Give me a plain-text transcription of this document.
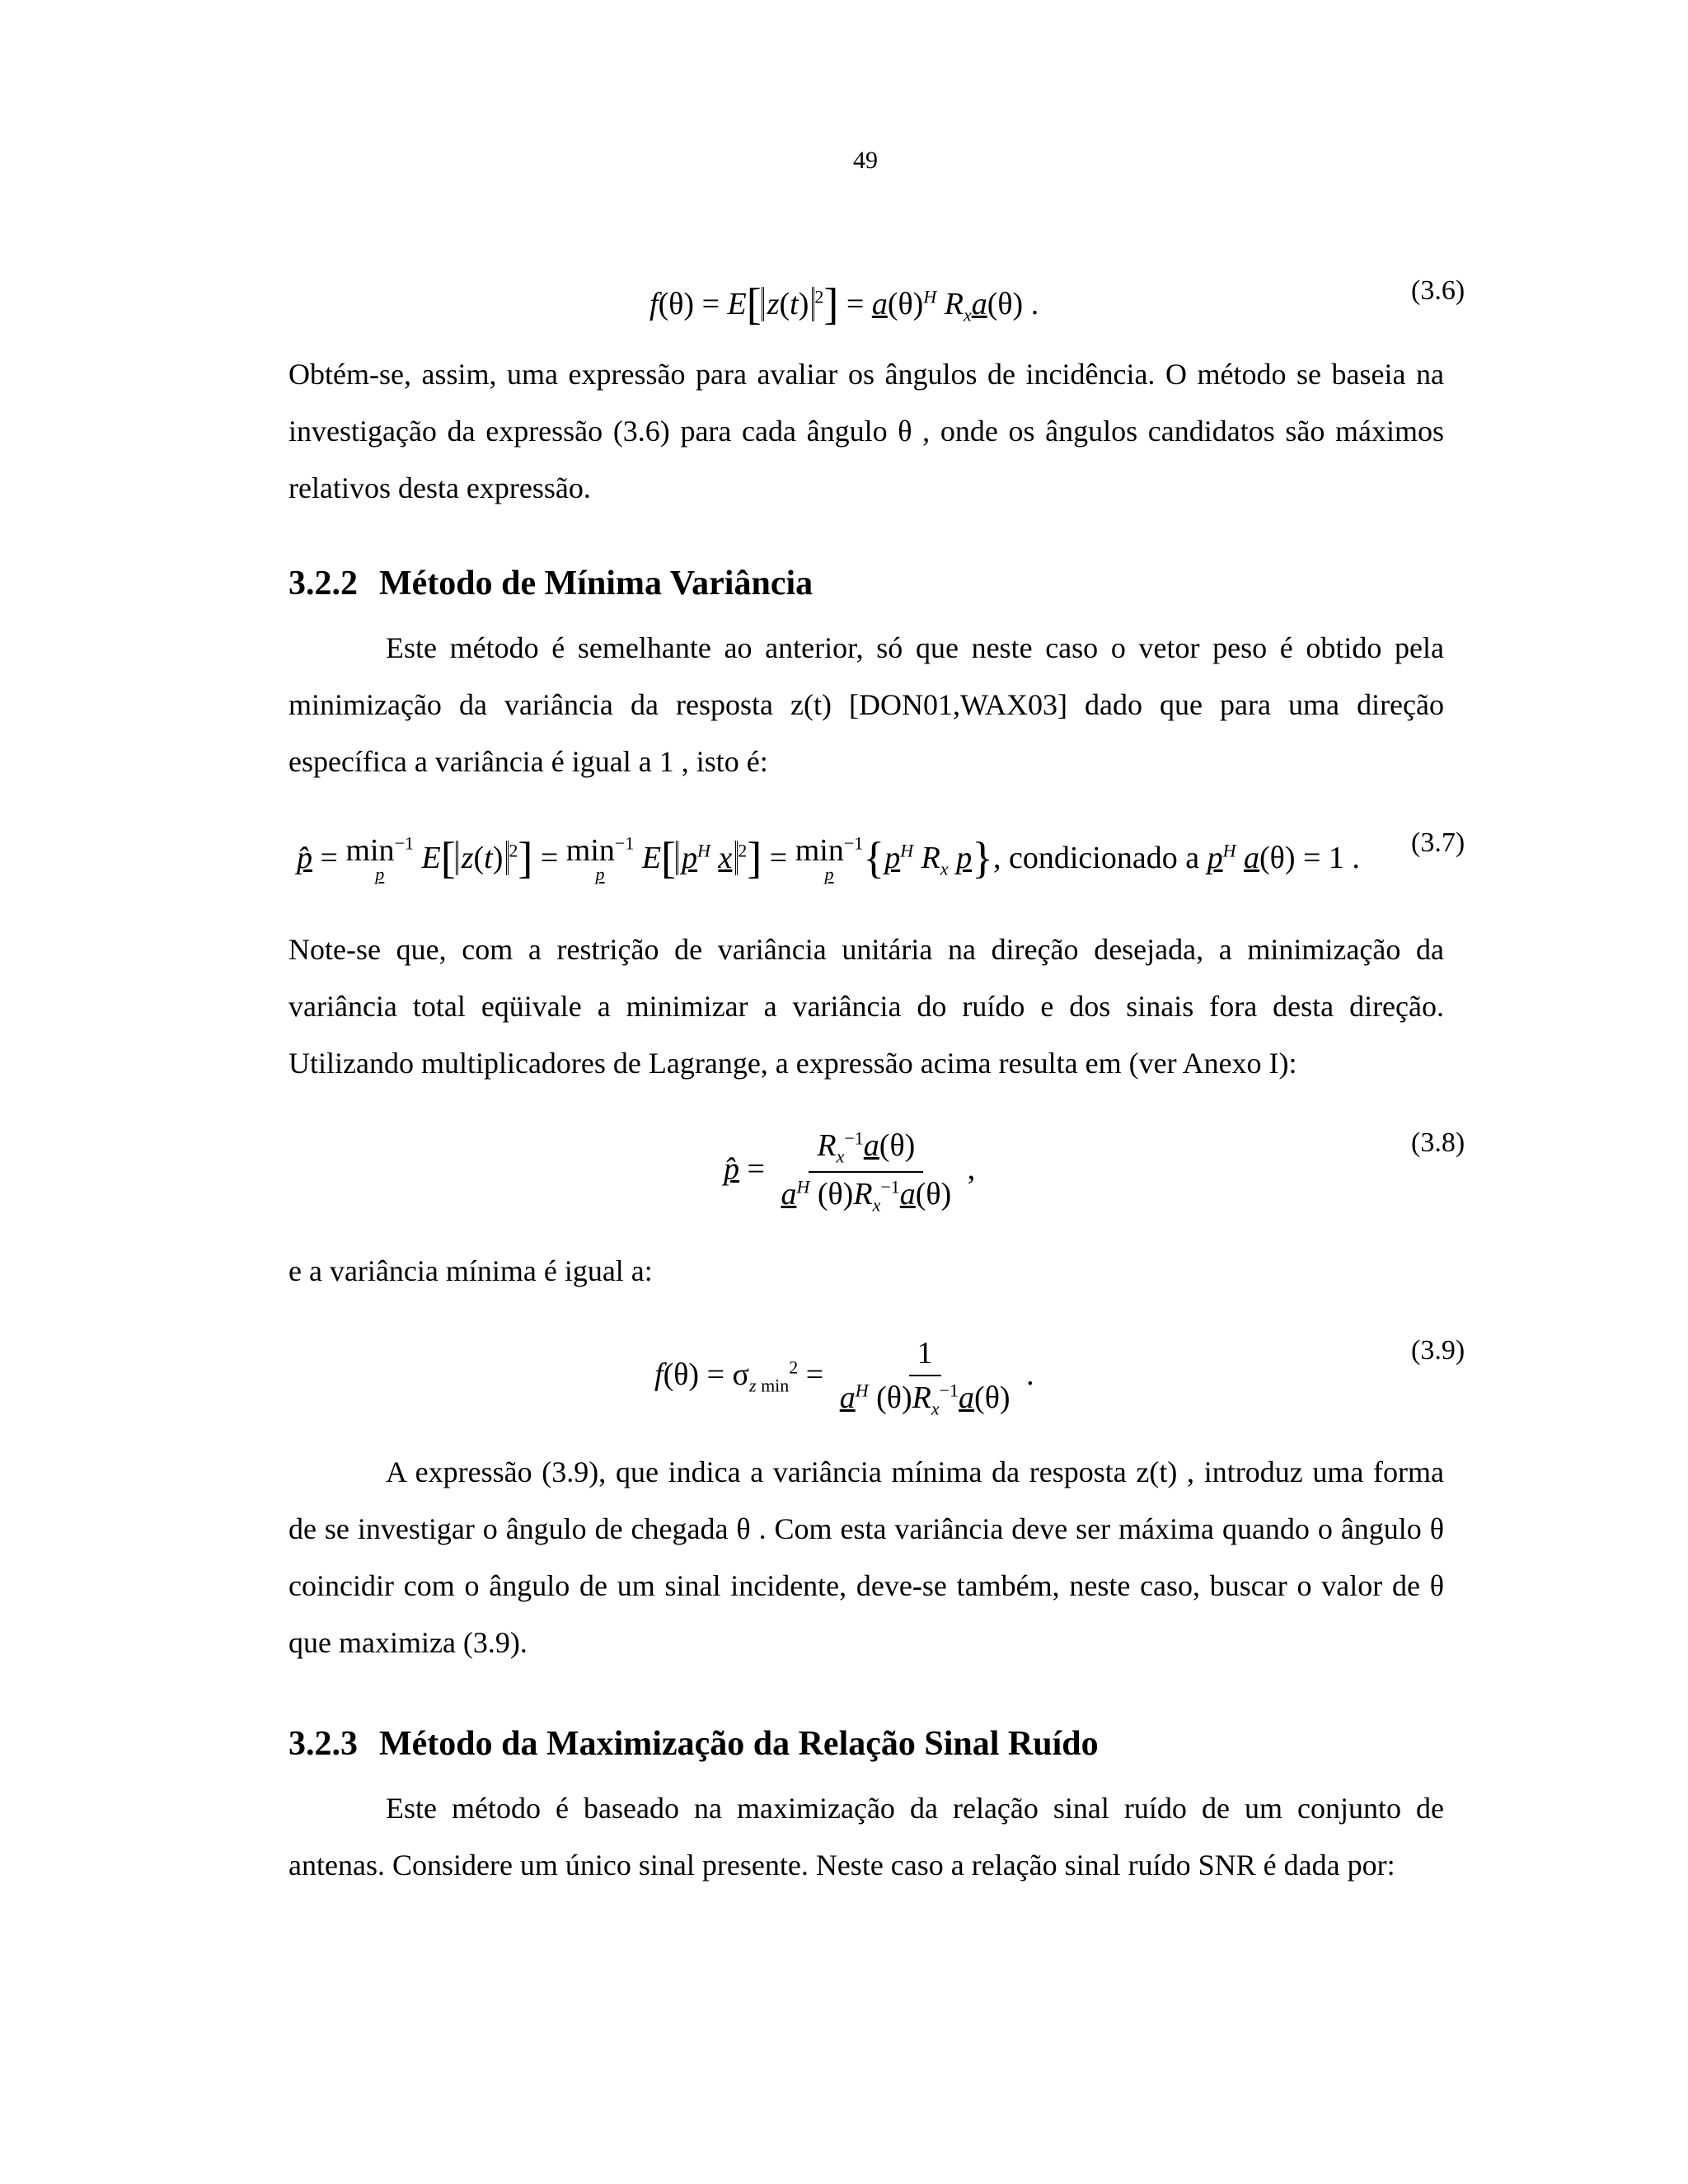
49
f(θ) = E[ z(t) $^2] = a(\theta)^H$ $R_xa(\theta)$ .	(3.6)
Obtém-se, assim, uma expressão para avaliar os ângulos de incidência. O método se baseia na investigação da expressão (3.6) para cada ângulo θ , onde os ângulos candidatos são máximos relativos desta expressão.
3.2.2 Método de Mínima Variância
Este método é semelhante ao anterior, só que neste caso o vetor peso é obtido pela minimização da variância da resposta z(t) [DON01,WAX03] dado que para uma direção específica a variância é igual a 1 , isto é:
p̂ = $\min^{-1}$
p E[ z(t) $^2] = \min^{-1}$
p E[ $p^H$ x $^2] = \min^{-1}$
p {$p^H$ $R_x$ p}, condicionado a $p^H$ a(θ) = 1 . (3.7)
Note-se que, com a restrição de variância unitária na direção desejada, a minimização da variância total eqüivale a minimizar a variância do ruído e dos sinais fora desta direção. Utilizando multiplicadores de Lagrange, a expressão acima resulta em (ver Anexo I):
p̂ = $\frac{R_x^{-1}a(\theta)}{a^H (\theta)R_x^{-1}a(\theta)}$ ,
(3.8)
e a variância mínima é igual a:
$f(\theta) = \sigma_{z min}^2 = \frac{1}{a^H (\theta)R_x^{-1}a(\theta)}$ .
(3.9)
A expressão (3.9), que indica a variância mínima da resposta z(t) , introduz uma forma de se investigar o ângulo de chegada θ . Com esta variância deve ser máxima quando o ângulo θ coincidir com o ângulo de um sinal incidente, deve-se também, neste caso, buscar o valor de θ que maximiza (3.9).
3.2.3 Método da Maximização da Relação Sinal Ruído
Este método é baseado na maximização da relação sinal ruído de um conjunto de antenas. Considere um único sinal presente. Neste caso a relação sinal ruído SNR é dada por:
